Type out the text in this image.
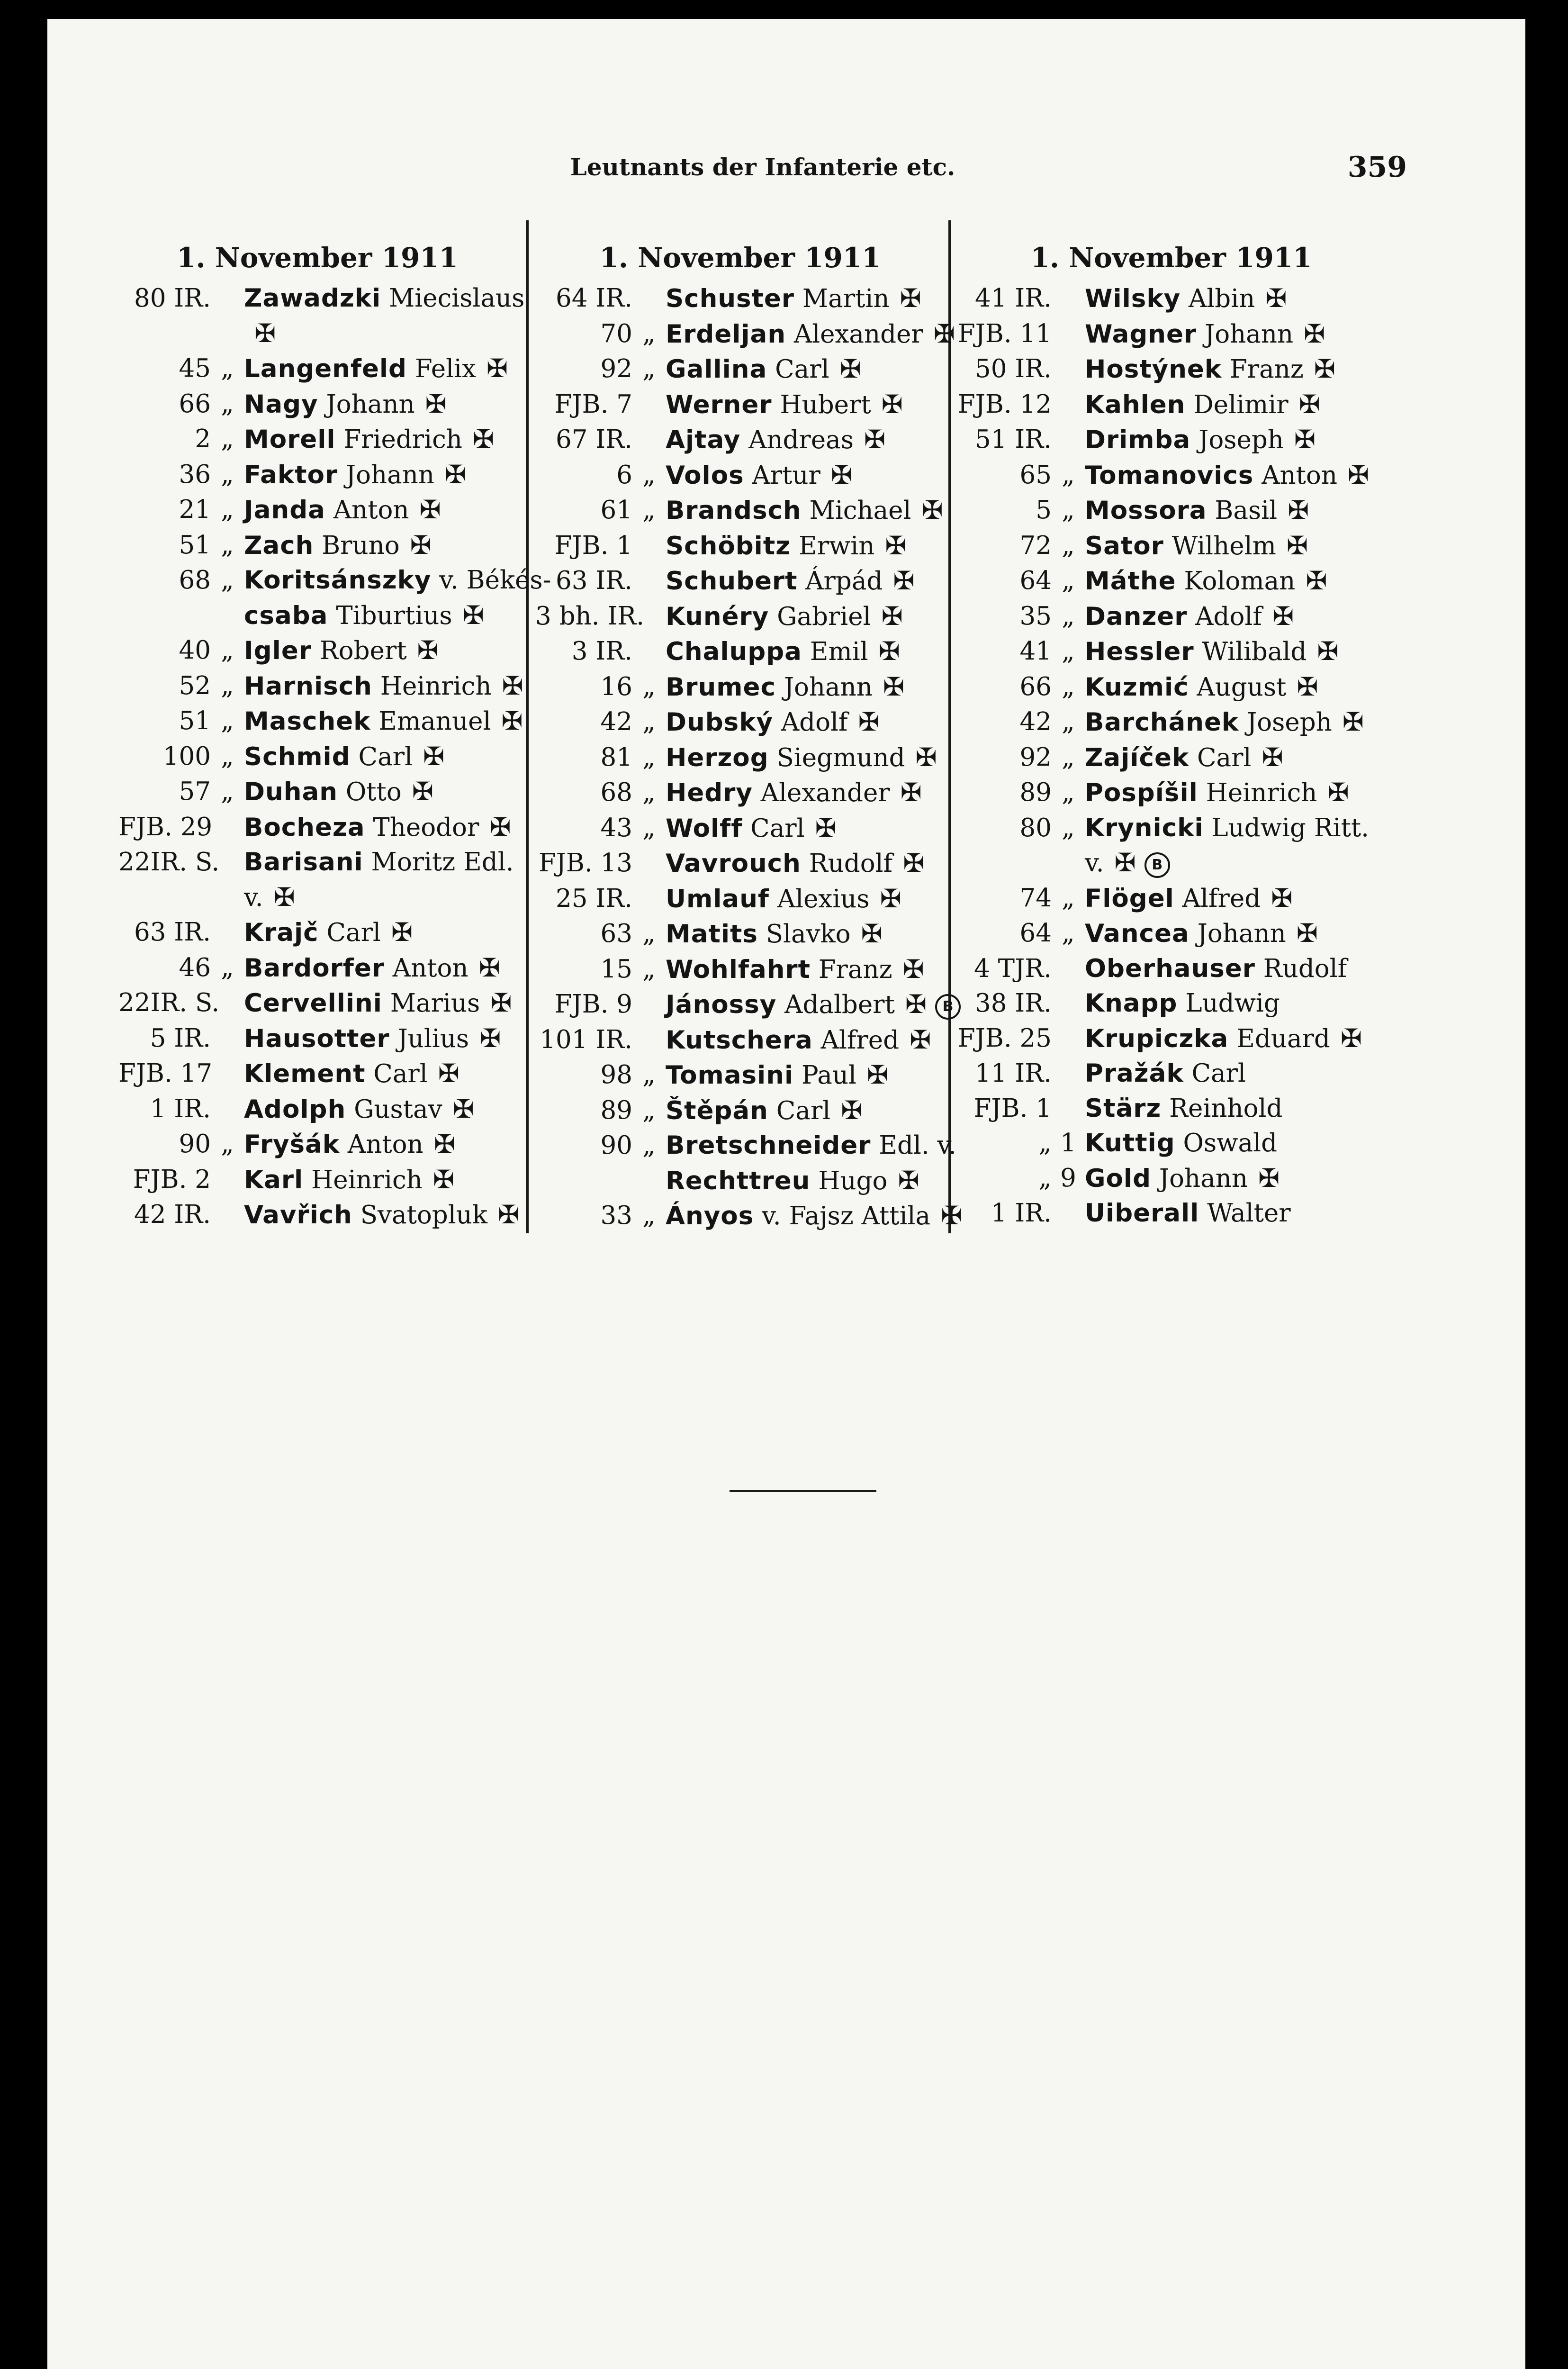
Leutnants der Infanterie etc.	359
1. November 1911
80 IR. Zawadzki Miecislaus
✠
45 „ Langenfeld Felix ✠
66 „ Nagy Johann ✠
2 „ Morell Friedrich ✠
36 „ Faktor Johann ✠
21 „ Janda Anton ✠
51 „ Zach Bruno ✠
68 „ Koritsánszky v. Békés-
csaba Tiburtius ✠
40 „ Igler Robert ✠
52 „ Harnisch Heinrich ✠
51 „ Maschek Emanuel ✠
100 „ Schmid Carl ✠
57 „ Duhan Otto ✠
FJB. 29 Bocheza Theodor ✠
22IR. S. Barisani Moritz Edl.
v. ✠
63 IR. Krajč Carl ✠
46 „ Bardorfer Anton ✠
22IR. S. Cervellini Marius ✠
5 IR. Hausotter Julius ✠
FJB. 17 Klement Carl ✠
1 IR. Adolph Gustav ✠
90 „ Fryšák Anton ✠
FJB. 2 Karl Heinrich ✠
42 IR. Vavřich Svatopluk ✠
1. November 1911
64 IR. Schuster Martin ✠
70 „ Erdeljan Alexander ✠
92 „ Gallina Carl ✠
FJB. 7 Werner Hubert ✠
67 IR. Ajtay Andreas ✠
6 „ Volos Artur ✠
61 „ Brandsch Michael ✠
FJB. 1 Schöbitz Erwin ✠
63 IR. Schubert Árpád ✠
3 bh. IR. Kunéry Gabriel ✠
3 IR. Chaluppa Emil ✠
16 „ Brumec Johann ✠
42 „ Dubský Adolf ✠
81 „ Herzog Siegmund ✠
68 „ Hedry Alexander ✠
43 „ Wolff Carl ✠
FJB. 13 Vavrouch Rudolf ✠
25 IR. Umlauf Alexius ✠
63 „ Matits Slavko ✠
15 „ Wohlfahrt Franz ✠
FJB. 9 Jánossy Adalbert ✠ B
101 IR. Kutschera Alfred ✠
98 „ Tomasini Paul ✠
89 „ Štěpán Carl ✠
90 „ Bretschneider Edl. v.
Rechttreu Hugo ✠
33 „ Ányos v. Fajsz Attila ✠
1. November 1911
41 IR. Wilsky Albin ✠
FJB. 11 Wagner Johann ✠
50 IR. Hostýnek Franz ✠
FJB. 12 Kahlen Delimir ✠
51 IR. Drimba Joseph ✠
65 „ Tomanovics Anton ✠
5 „ Mossora Basil ✠
72 „ Sator Wilhelm ✠
64 „ Máthe Koloman ✠
35 „ Danzer Adolf ✠
41 „ Hessler Wilibald ✠
66 „ Kuzmić August ✠
42 „ Barchánek Joseph ✠
92 „ Zajíček Carl ✠
89 „ Pospíšil Heinrich ✠
80 „ Krynicki Ludwig Ritt.
v. ✠ B
74 „ Flögel Alfred ✠
64 „ Vancea Johann ✠
4 TJR. Oberhauser Rudolf
38 IR. Knapp Ludwig
FJB. 25 Krupiczka Eduard ✠
11 IR. Pražák Carl
FJB. 1 Stärz Reinhold
„ 1 Kuttig Oswald
„ 9 Gold Johann ✠
1 IR. Uiberall Walter
